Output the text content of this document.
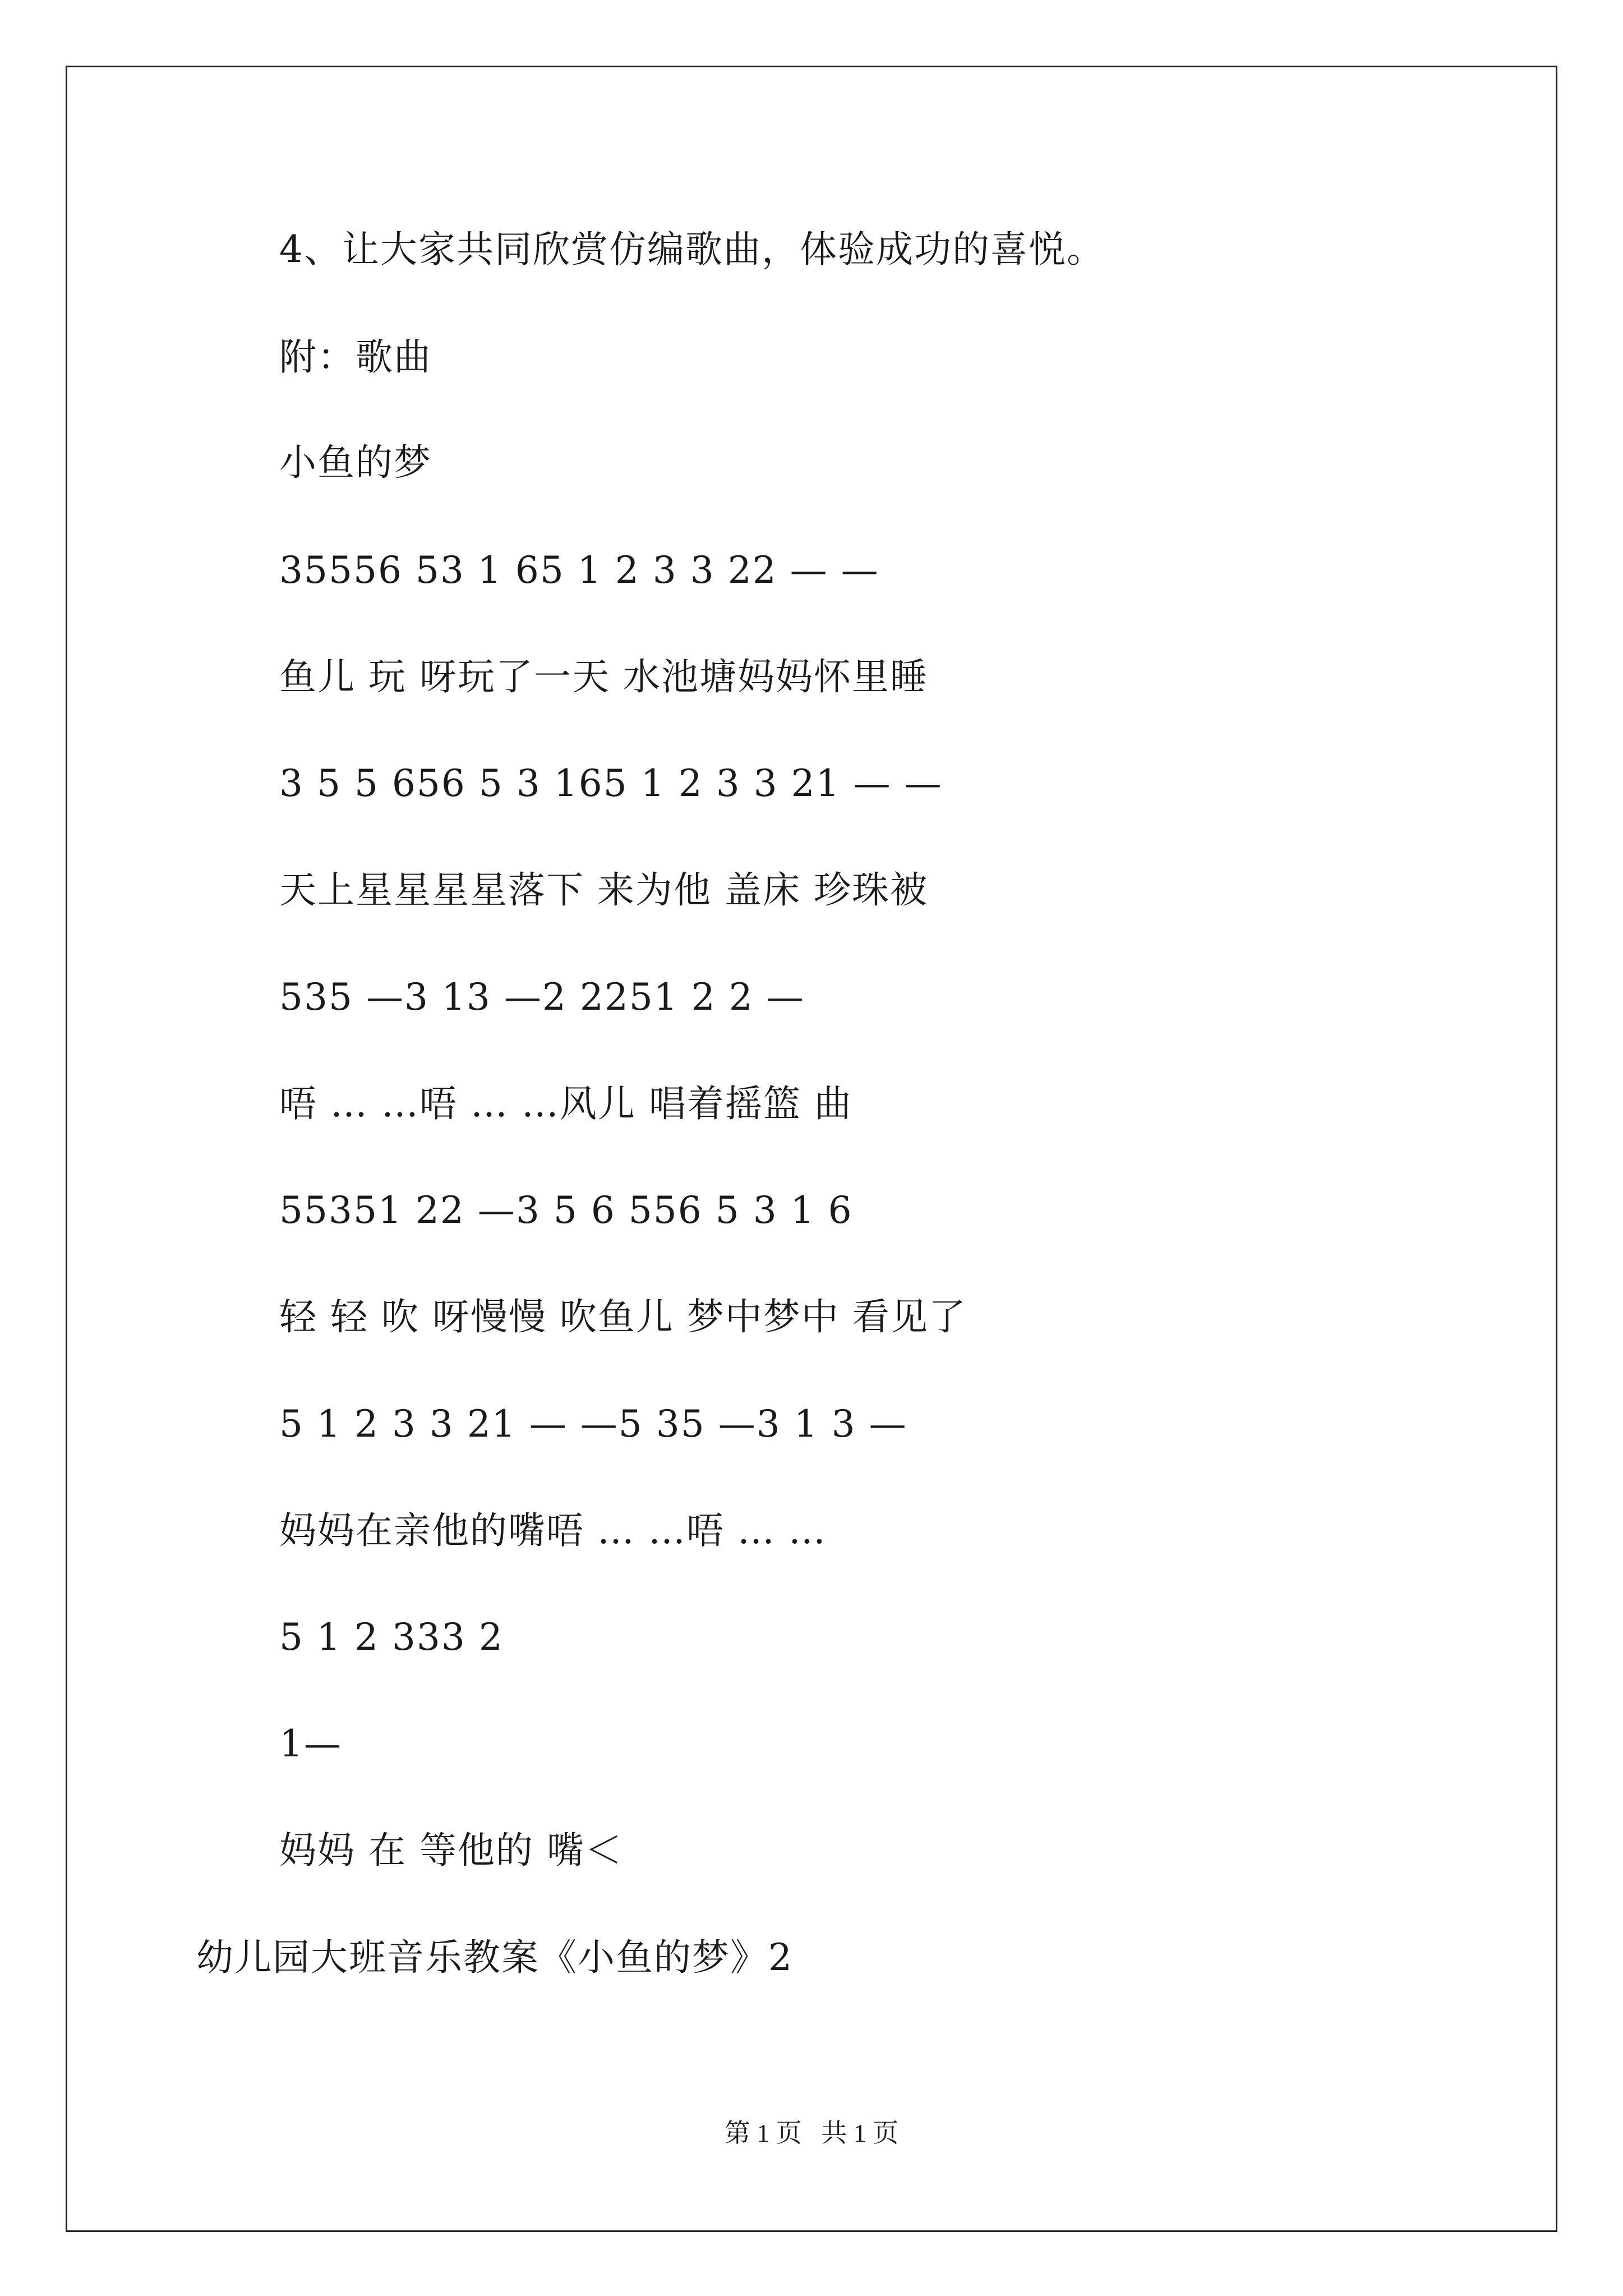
4、让大家共同欣赏仿编歌曲，体验成功的喜悦。
附：歌曲
小鱼的梦
35556 53 1 65 1 2 3 3 22 — —
鱼儿 玩 呀玩了一天 水池塘妈妈怀里睡
3 5 5 656 5 3 165 1 2 3 3 21 — —
天上星星星星落下 来为他 盖床 珍珠被
535 —3 13 —2 2251 2 2 —
唔 … …唔 … …风儿 唱着摇篮 曲
55351 22 —3 5 6 556 5 3 1 6
轻 轻 吹 呀慢慢 吹鱼儿 梦中梦中 看见了
5 1 2 3 3 21 — —5 35 —3 1 3 —
妈妈在亲他的嘴唔 … …唔 … …
5 1 2 333 2
1—
妈妈 在 等他的 嘴＜
幼儿园大班音乐教案《小鱼的梦》2
第 1 页   共 1 页
